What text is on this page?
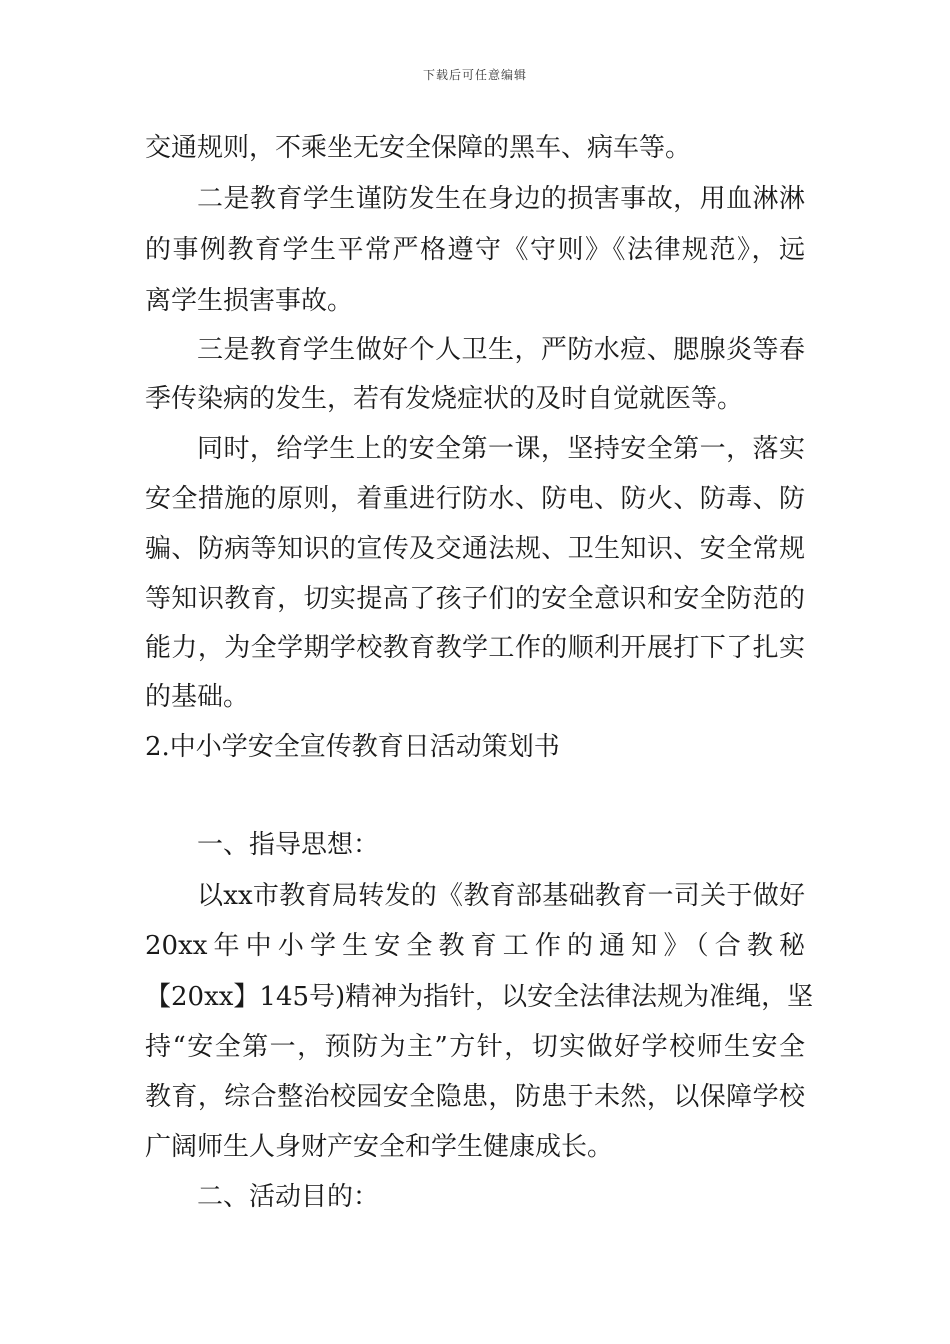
下载后可任意编辑
交通规则，不乘坐无安全保障的黑车、病车等。
二是教育学生谨防发生在身边的损害事故，用血淋淋
的事例教育学生平常严格遵守《守则》《法律规范》，远
离学生损害事故。
三是教育学生做好个人卫生，严防水痘、腮腺炎等春
季传染病的发生，若有发烧症状的及时自觉就医等。
同时，给学生上的安全第一课，坚持安全第一，落实
安全措施的原则，着重进行防水、防电、防火、防毒、防
骗、防病等知识的宣传及交通法规、卫生知识、安全常规
等知识教育，切实提高了孩子们的安全意识和安全防范的
能力，为全学期学校教育教学工作的顺利开展打下了扎实
的基础。
2.中小学安全宣传教育日活动策划书
一、指导思想：
以xx市教育局转发的《教育部基础教育一司关于做好
20xx年中小学生安全教育工作的通知》（合教秘
【20xx】145号)精神为指针，以安全法律法规为准绳，坚
持“安全第一，预防为主”方针，切实做好学校师生安全
教育，综合整治校园安全隐患，防患于未然，以保障学校
广阔师生人身财产安全和学生健康成长。
二、活动目的：
